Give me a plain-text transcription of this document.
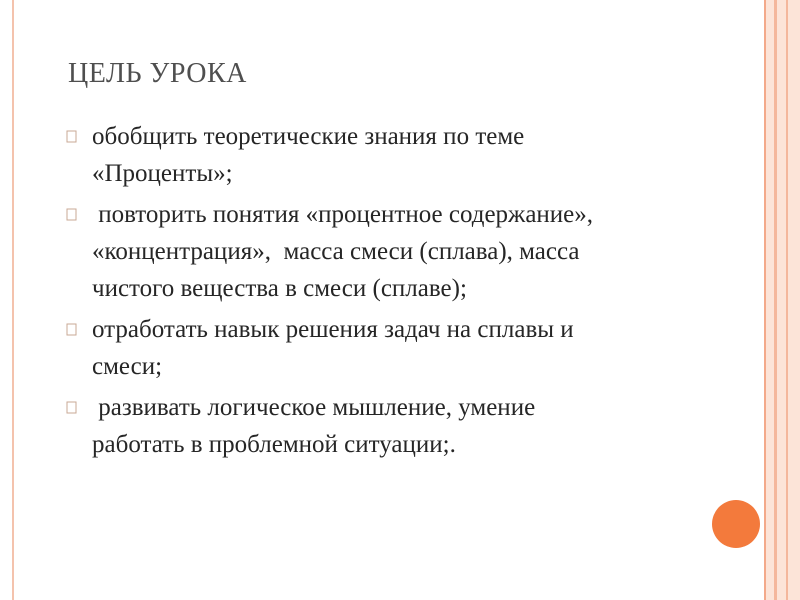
ЦЕЛЬ УРОКА
обобщить теоретические знания по теме
«Проценты»;
повторить понятия «процентное содержание»,
«концентрация»,  масса смеси (сплава), масса
чистого вещества в смеси (сплаве);
отработать навык решения задач на сплавы и
смеси;
развивать логическое мышление, умение
работать в проблемной ситуации;.
